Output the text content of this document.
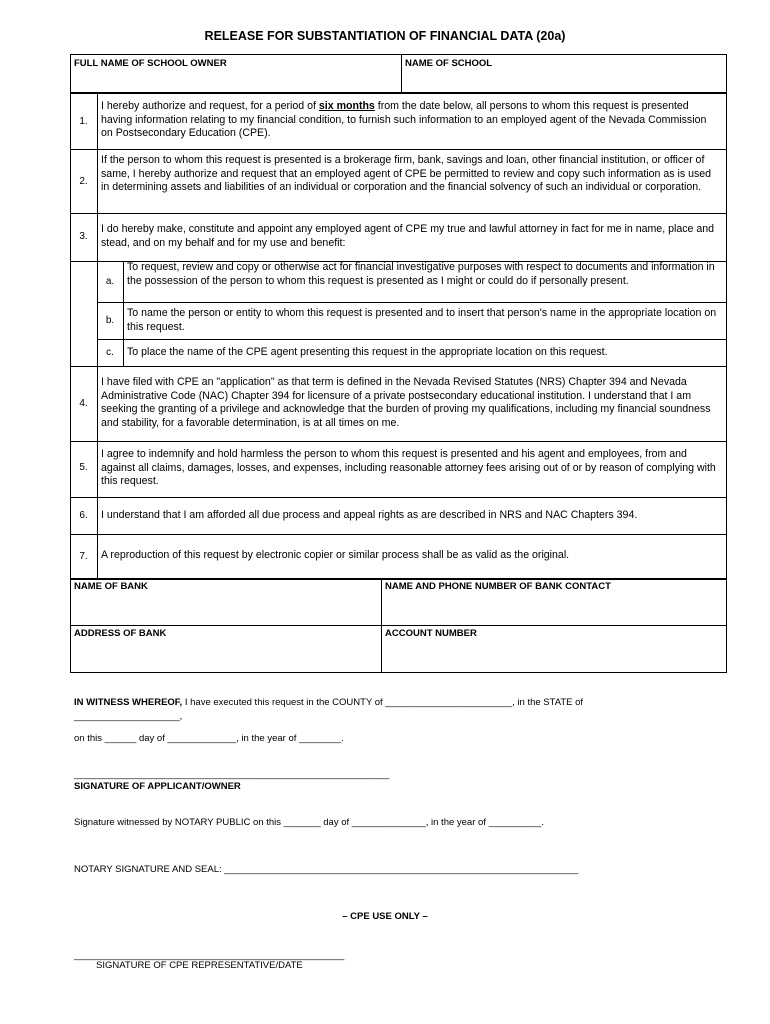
RELEASE FOR SUBSTANTIATION OF FINANCIAL DATA (20a)
FULL NAME OF SCHOOL OWNER	NAME OF SCHOOL
1.
I hereby authorize and request, for a period of six months from the date below, all persons to whom this request is presented having information relating to my financial condition, to furnish such information to an employed agent of the Nevada Commission on Postsecondary Education (CPE).
2.
If the person to whom this request is presented is a brokerage firm, bank, savings and loan, other financial institution, or officer of same, I hereby authorize and request that an employed agent of CPE be permitted to review and copy such information as is used in determining assets and liabilities of an individual or corporation and the financial solvency of such an individual or corporation.
3.
I do hereby make, constitute and appoint any employed agent of CPE my true and lawful attorney in fact for me in name, place and stead, and on my behalf and for my use and benefit:
a.
To request, review and copy or otherwise act for financial investigative purposes with respect to documents and information in the possession of the person to whom this request is presented as I might or could do if personally present.
b.
To name the person or entity to whom this request is presented and to insert that person's name in the appropriate location on this request.
c.	To place the name of the CPE agent presenting this request in the appropriate location on this request.
4.
I have filed with CPE an "application" as that term is defined in the Nevada Revised Statutes (NRS) Chapter 394 and Nevada Administrative Code (NAC) Chapter 394 for licensure of a private postsecondary educational institution. I understand that I am seeking the granting of a privilege and acknowledge that the burden of proving my qualifications, including my financial soundness and stability, for a favorable determination, is at all times on me.
5.
I agree to indemnify and hold harmless the person to whom this request is presented and his agent and employees, from and against all claims, damages, losses, and expenses, including reasonable attorney fees arising out of or by reason of complying with this request.
6.	I understand that I am afforded all due process and appeal rights as are described in NRS and NAC Chapters 394.
7.	A reproduction of this request by electronic copier or similar process shall be as valid as the original.
NAME OF BANK	NAME AND PHONE NUMBER OF BANK CONTACT
ADDRESS OF BANK	ACCOUNT NUMBER
IN WITNESS WHEREOF, I have executed this request in the COUNTY of ________________________, in the STATE of
____________________,
on this ______ day of _____________, in the year of ________.
_______________________________________________________________
SIGNATURE OF APPLICANT/OWNER
Signature witnessed by NOTARY PUBLIC on this _______ day of ______________, in the year of __________.
NOTARY SIGNATURE AND SEAL: ___________________________________________________________________
– CPE USE ONLY –
______________________________________________________
SIGNATURE OF CPE REPRESENTATIVE/DATE
